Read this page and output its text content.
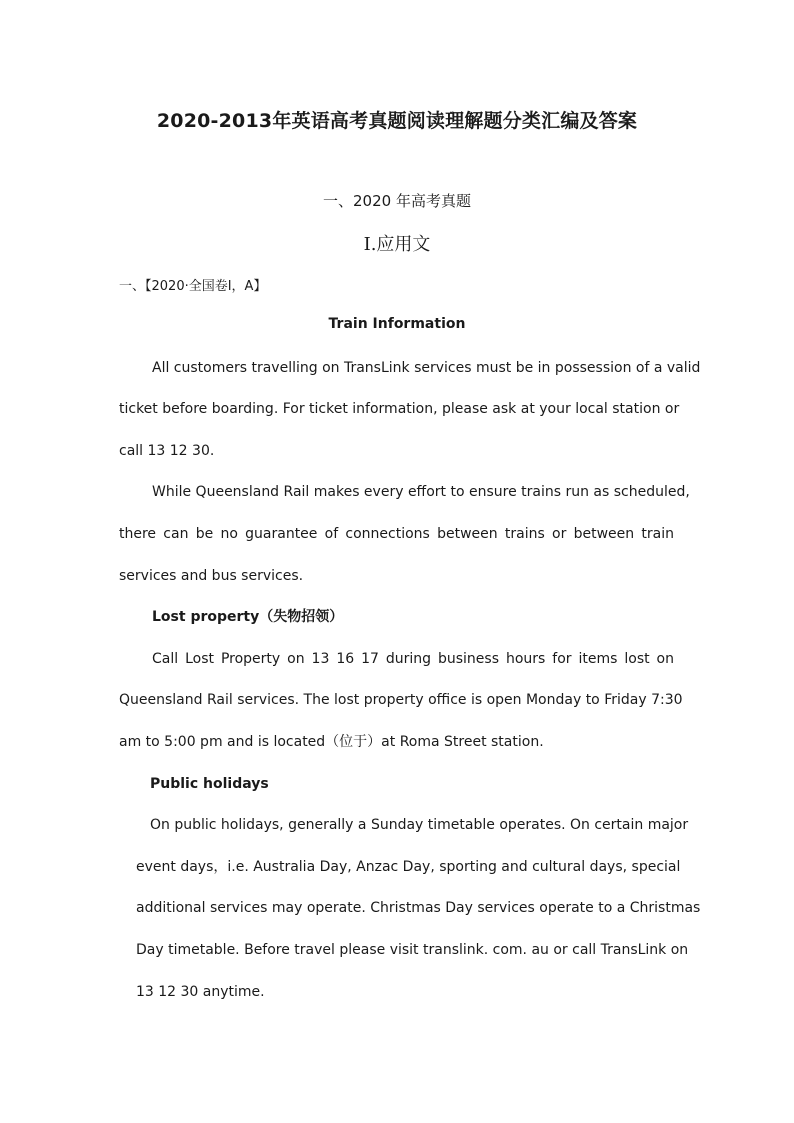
2020-2013年英语高考真题阅读理解题分类汇编及答案
一、2020 年高考真题
I.应用文
一、【2020·全国卷Ⅰ，A】
Train Information
All customers travelling on TransLink services must be in possession of a valid
ticket before boarding. For ticket information, please ask at your local station or
call 13 12 30.
While Queensland Rail makes every effort to ensure trains run as scheduled,
there can be no guarantee of connections between trains or between train
services and bus services.
Lost property（失物招领）
Call Lost Property on 13 16 17 during business hours for items lost on
Queensland Rail services. The lost property office is open Monday to Friday 7:30
am to 5:00 pm and is located（位于）at Roma Street station.
Public holidays
On public holidays, generally a Sunday timetable operates. On certain major
event days，i.e. Australia Day, Anzac Day, sporting and cultural days, special
additional services may operate. Christmas Day services operate to a Christmas
Day timetable. Before travel please visit translink. com. au or call TransLink on
13 12 30 anytime.
